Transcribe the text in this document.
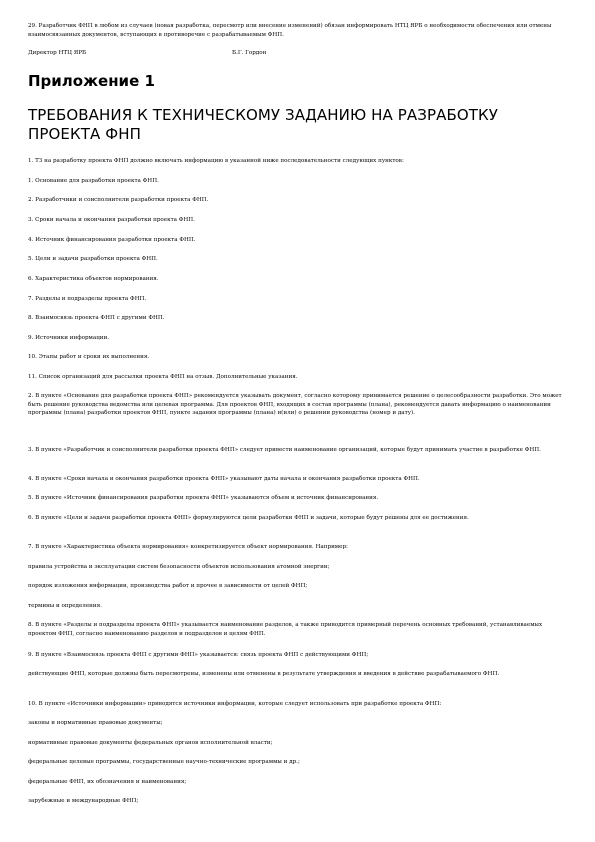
29. Разработчик ФНП в любом из случаев (новая разработка, пересмотр или внесение изменений) обязан информировать НТЦ ЯРБ о необходимости обеспечения или отмены взаимосвязанных документов, вступающих в противоречие с разрабатываемым ФНП.

Директор НТЦ ЯРБ	Б.Г. Гордон
Приложение 1
ТРЕБОВАНИЯ К ТЕХНИЧЕСКОМУ ЗАДАНИЮ НА РАЗРАБОТКУ ПРОЕКТА ФНП

1. ТЗ на разработку проекта ФНП должно включать информацию в указанной ниже последовательности следующих пунктов:

1. Основание для разработки проекта ФНП.

2. Разработчики и соисполнители разработки проекта ФНП.

3. Сроки начала и окончания разработки проекта ФНП.

4. Источник финансирования разработки проекта ФНП.

5. Цели и задачи разработки проекта ФНП.

6. Характеристика объектов нормирования.

7. Разделы и подразделы проекта ФНП.

8. Взаимосвязь проекта ФНП с другими ФНП.

9. Источники информации.

10. Этапы работ и сроки их выполнения.

11. Список организаций для рассылки проекта ФНП на отзыв. Дополнительные указания.

2. В пункте «Основание для разработки проекта ФНП» рекомендуется указывать документ, согласно которому принимается решение о целесообразности разработки. Это может быть решение руководства ведомства или целевая программа. Для проектов ФНП, входящих в состав программы (плана), рекомендуется давать информацию о наименовании программы (плана) разработки проектов ФНП, пункте задания программы (плана) и(или) о решении руководства (номер и дату).

3. В пункте «Разработчик и соисполнители разработки проекта ФНП» следует привести наименование организаций, которые будут принимать участие в разработке ФНП.

4. В пункте «Сроки начала и окончания разработки проекта ФНП» указывают даты начала и окончания разработки проекта ФНП.

5. В пункте «Источник финансирования разработки проекта ФНП» указываются объем и источник финансирования.

6. В пункте «Цели и задачи разработки проекта ФНП» формулируются цели разработки ФНП и задачи, которые будут решены для ее достижения.

7. В пункте «Характеристика объекта нормирования» конкретизируется объект нормирования. Например:

правила устройства и эксплуатации систем безопасности объектов использования атомной энергии;

порядок изложения информации, производства работ и прочее в зависимости от целей ФНП;

термины и определения.

8. В пункте «Разделы и подразделы проекта ФНП» указывается наименование разделов, а также приводится примерный перечень основных требований, устанавливаемых проектом ФНП, согласно наименованию разделов и подразделов и целям ФНП.

9. В пункте «Взаимосвязь проекта ФНП с другими ФНП» указывается: связь проекта ФНП с действующими ФНП;

действующие ФНП, которые должны быть пересмотрены, изменены или отменены в результате утверждения и введения в действие разрабатываемого ФНП.

10. В пункте «Источники информации» приводятся источники информации, которые следует использовать при разработке проекта ФНП:

законы и нормативные правовые документы;

нормативные правовые документы федеральных органов исполнительной власти;

федеральные целевые программы, государственные научно-технические программы и др.;

федеральные ФНП, их обозначения и наименования;

зарубежные и международные ФНП;
